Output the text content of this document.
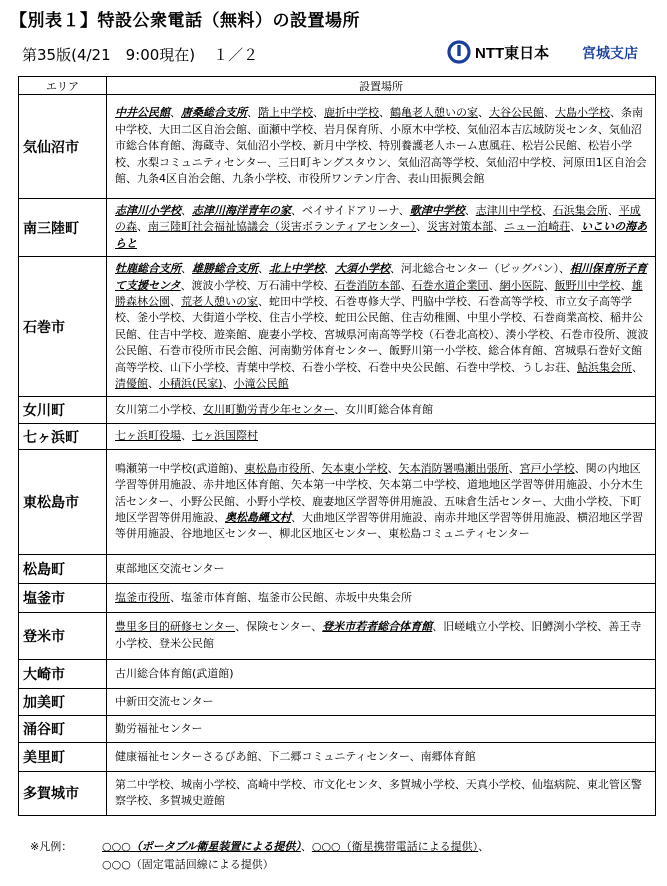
【別表１】特設公衆電話（無料）の設置場所
第35版(4/21　9:00現在) １／２	NTT東日本 宮城支店
エリア	設置場所
気仙沼市	中井公民館、唐桑総合支所、階上中学校、鹿折中学校、鶴亀老人憩いの家、大谷公民館、大島小学校、条南中学校、大田二区自治会館、面瀬中学校、岩月保育所、小原木中学校、気仙沼本吉広域防災センタ、気仙沼市総合体育館、海蔵寺、気仙沼小学校、新月中学校、特別養護老人ホーム恵風荘、松岩公民館、松岩小学校、水梨コミュニティセンター、三日町キングスタウン、気仙沼高等学校、気仙沼中学校、河原田1区自治会館、九条4区自治会館、九条小学校、市役所ワンテン庁舎、表山田振興会館
南三陸町	志津川小学校、志津川海洋青年の家、ベイサイドアリーナ、歌津中学校、志津川中学校、石浜集会所、平成の森、南三陸町社会福祉協議会（災害ボランティアセンター）、災害対策本部、ニュー泊崎荘、いこいの海あらと
石巻市	牡鹿総合支所、雄勝総合支所、北上中学校、大須小学校、河北総合センター（ビッグバン）、相川保育所子育て支援センタ、渡波小学校、万石浦中学校、石巻消防本部、石巻水道企業団、網小医院、飯野川中学校、雄勝森林公園、荒老人憩いの家、蛇田中学校、石巻専修大学、門脇中学校、石巻高等学校、市立女子高等学校、釜小学校、大街道小学校、住吉小学校、蛇田公民館、住吉幼稚園、中里小学校、石巻商業高校、稲井公民館、住吉中学校、遊楽館、鹿妻小学校、宮城県河南高等学校（石巻北高校）、湊小学校、石巻市役所、渡波公民館、石巻市役所市民会館、河南勤労体育センター、飯野川第一小学校、総合体育館、宮城県石巻好文館高等学校、山下小学校、青葉中学校、石巻小学校、石巻中央公民館、石巻中学校、うしお荘、鮎浜集会所、清優館、小積浜(民家)、小滝公民館
女川町	女川第二小学校、女川町勤労青少年センター、女川町総合体育館
七ヶ浜町	七ヶ浜町役場、七ヶ浜国際村
東松島市	鳴瀬第一中学校(武道館)、東松島市役所、矢本東小学校、矢本消防署鳴瀬出張所、宮戸小学校、関の内地区学習等併用施設、赤井地区体育館、矢本第一中学校、矢本第二中学校、道地地区学習等併用施設、小分木生活センター、小野公民館、小野小学校、鹿妻地区学習等併用施設、五味倉生活センター、大曲小学校、下町地区学習等併用施設、奥松島縄文村、大曲地区学習等併用施設、南赤井地区学習等併用施設、横沼地区学習等併用施設、谷地地区センター、柳北区地区センター、東松島コミュニティセンター
松島町	東部地区交流センター
塩釜市	塩釜市役所、塩釜市体育館、塩釜市公民館、赤坂中央集会所
登米市	豊里多目的研修センター、保険センター、登米市若者総合体育館、旧嵯峨立小学校、旧鱒渕小学校、善王寺小学校、登米公民館
大崎市	古川総合体育館(武道館)
加美町	中新田交流センター
涌谷町	勤労福祉センター
美里町	健康福祉センターさるびあ館、下二郷コミュニティセンター、南郷体育館
多賀城市	第二中学校、城南小学校、高崎中学校、市文化センタ、多賀城小学校、天真小学校、仙塩病院、東北管区警察学校、多賀城史遊館
※凡例：	○○○（ポータブル衛星装置による提供）、○○○（衛星携帯電話による提供）、
○○○（固定電話回線による提供）
